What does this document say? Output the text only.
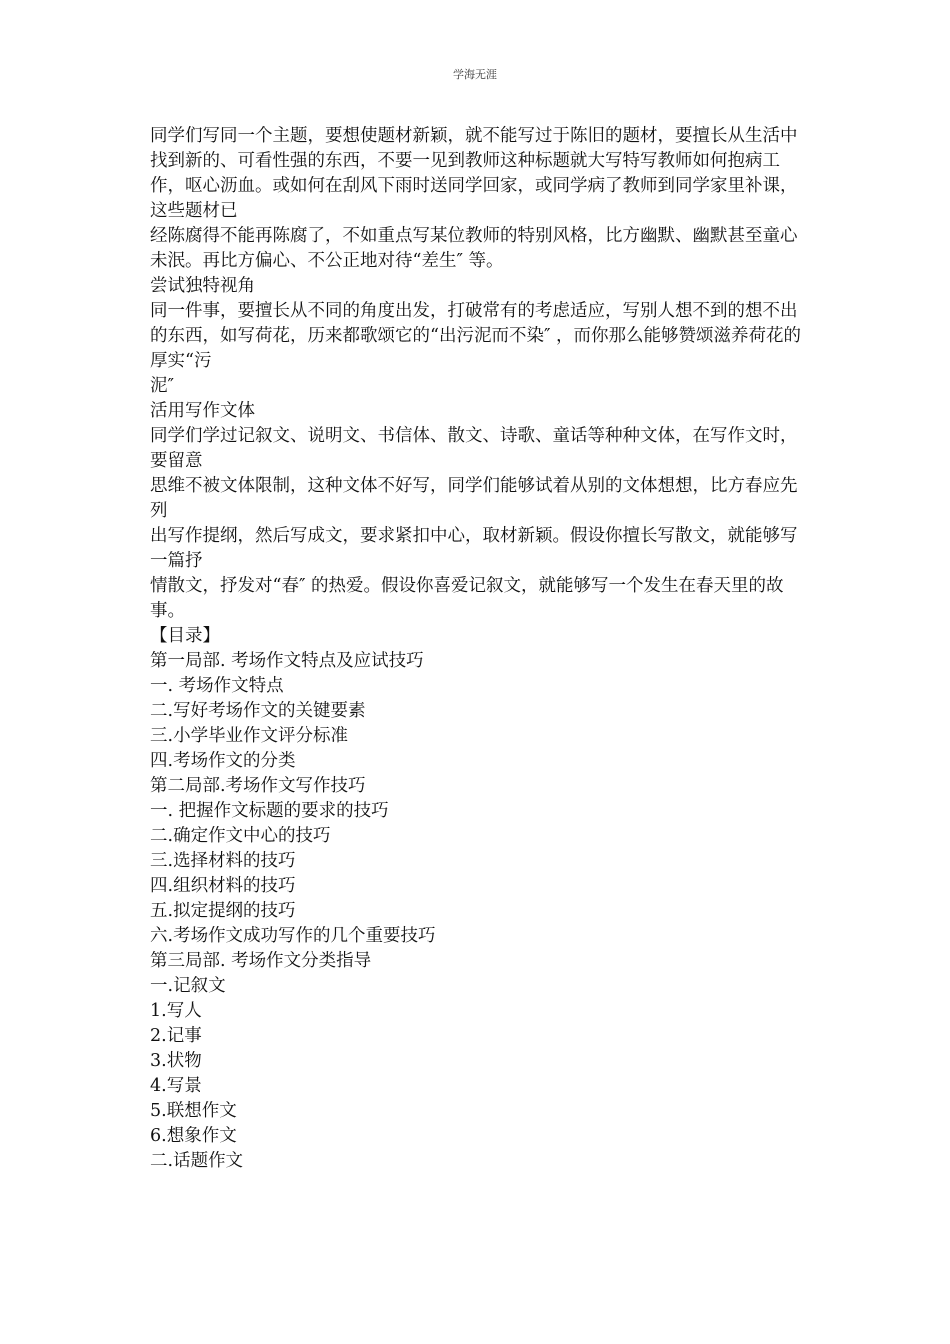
学海无涯

同学们写同一个主题，要想使题材新颖，就不能写过于陈旧的题材，要擅长从生活中

找到新的、可看性强的东西，不要一见到教师这种标题就大写特写教师如何抱病工作，呕心沥血。或如何在刮风下雨时送同学回家，或同学病了教师到同学家里补课，这些题材已

经陈腐得不能再陈腐了，不如重点写某位教师的特别风格，比方幽默、幽默甚至童心未泯。再比方偏心、不公正地对待“差生″ 等。

尝试独特视角

同一件事，要擅长从不同的角度出发，打破常有的考虑适应，写别人想不到的想不出

的东西，如写荷花，历来都歌颂它的“出污泥而不染″ ，而你那么能够赞颂滋养荷花的厚实“污

泥″

活用写作文体

同学们学过记叙文、说明文、书信体、散文、诗歌、童话等种种文体，在写作文时，要留意

思维不被文体限制，这种文体不好写，同学们能够试着从别的文体想想，比方春应先列

出写作提纲，然后写成文，要求紧扣中心，取材新颖。假设你擅长写散文，就能够写一篇抒

情散文，抒发对“春″ 的热爱。假设你喜爱记叙文，就能够写一个发生在春天里的故事。

【目录】

第一局部. 考场作文特点及应试技巧

一. 考场作文特点

二.写好考场作文的关键要素

三.小学毕业作文评分标准

四.考场作文的分类

第二局部.考场作文写作技巧

一. 把握作文标题的要求的技巧

二.确定作文中心的技巧

三.选择材料的技巧

四.组织材料的技巧

五.拟定提纲的技巧

六.考场作文成功写作的几个重要技巧

第三局部. 考场作文分类指导

一.记叙文

1.写人

2.记事

3.状物

4.写景

5.联想作文

6.想象作文

二.话题作文
